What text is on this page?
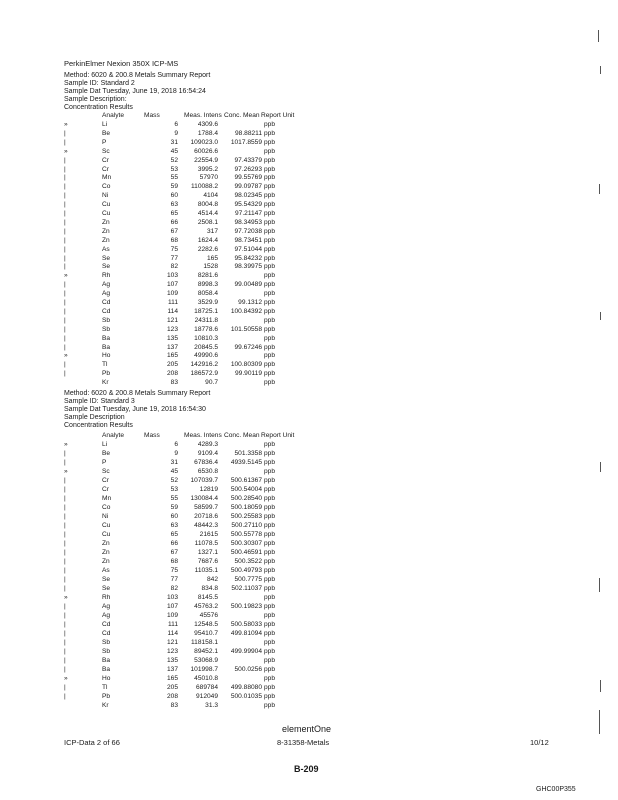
PerkinElmer Nexion 350X ICP-MS
Method: 6020 & 200.8 Metals Summary Report
Sample ID: Standard 2
Sample Dat Tuesday, June 19, 2018 16:54:24
Sample Description:
Concentration Results
Analyte	Mass	Meas. Intens Conc. Mean Report Unit
»	Li	6	4309.6	ppb
|	Be	9	1788.4	98.88211 ppb
|	P	31	109023.0	1017.8559 ppb
»	Sc	45	60026.6	ppb
|	Cr	52	22554.9	97.43379 ppb
|	Cr	53	3995.2	97.26293 ppb
|	Mn	55	57970	99.55769 ppb
|	Co	59	110088.2	99.09787 ppb
|	Ni	60	4104	98.02345 ppb
|	Cu	63	8004.8	95.54329 ppb
|	Cu	65	4514.4	97.21147 ppb
|	Zn	66	2508.1	98.34953 ppb
|	Zn	67	317	97.72038 ppb
|	Zn	68	1624.4	98.73451 ppb
|	As	75	2282.6	97.51044 ppb
|	Se	77	165	95.84232 ppb
|	Se	82	1528	98.39975 ppb
»	Rh	103	8281.6	ppb
|	Ag	107	8998.3	99.00489 ppb
|	Ag	109	8058.4	ppb
|	Cd	111	3529.9	99.1312 ppb
|	Cd	114	18725.1	100.84392 ppb
|	Sb	121	24311.8	ppb
|	Sb	123	18778.6	101.50558 ppb
|	Ba	135	10810.3	ppb
|	Ba	137	20845.5	99.67246 ppb
»	Ho	165	49990.6	ppb
|	Tl	205	142916.2	100.80309 ppb
|	Pb	208	186572.9	99.90119 ppb
Kr	83	90.7	ppb
Method: 6020 & 200.8 Metals Summary Report
Sample ID: Standard 3
Sample Dat Tuesday, June 19, 2018 16:54:30
Sample Description
Concentration Results
Analyte	Mass	Meas. Intens Conc. Mean Report Unit
»	Li	6	4289.3	ppb
|	Be	9	9109.4	501.3358 ppb
|	P	31	67836.4	4939.5145 ppb
»	Sc	45	6530.8	ppb
|	Cr	52	107039.7	500.61367 ppb
|	Cr	53	12819	500.54004 ppb
|	Mn	55	130084.4	500.28540 ppb
|	Co	59	58599.7	500.18059 ppb
|	Ni	60	20718.6	500.25583 ppb
|	Cu	63	48442.3	500.27110 ppb
|	Cu	65	21615	500.55778 ppb
|	Zn	66	11078.5	500.30307 ppb
|	Zn	67	1327.1	500.46591 ppb
|	Zn	68	7687.6	500.3522 ppb
|	As	75	11035.1	500.49793 ppb
|	Se	77	842	500.7775 ppb
|	Se	82	834.8	502.11037 ppb
»	Rh	103	8145.5	ppb
|	Ag	107	45763.2	500.19823 ppb
|	Ag	109	45576	ppb
|	Cd	111	12548.5	500.58033 ppb
|	Cd	114	95410.7	499.81094 ppb
|	Sb	121	118158.1	ppb
|	Sb	123	89452.1	499.99904 ppb
|	Ba	135	53068.9	ppb
|	Ba	137	101998.7	500.0256 ppb
»	Ho	165	45010.8	ppb
|	Tl	205	689784	499.88080 ppb
|	Pb	208	912049	500.01035 ppb
Kr	83	31.3	ppb
elementOne
ICP-Data 2 of 66	8-31358-Metals	10/12
B-209
GHC00P355
